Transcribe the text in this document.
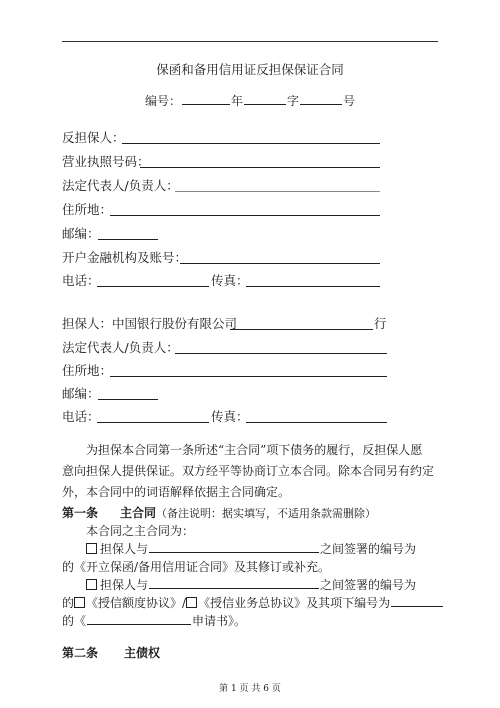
保函和备用信用证反担保保证合同
编号：	年	字	号
反担保人：
营业执照号码：
法定代表人/负责人：
住所地：
邮编：
开户金融机构及账号：
电话：	传真：
担保人：中国银行股份有限公司	行
法定代表人/负责人：
住所地：
邮编：
电话：	传真：
为担保本合同第一条所述“主合同”项下债务的履行，反担保人愿
意向担保人提供保证。双方经平等协商订立本合同。除本合同另有约定
外，本合同中的词语解释依据主合同确定。
第一条 主合同（备注说明：据实填写，不适用条款需删除）
本合同之主合同为：
担保人与	之间签署的编号为
的《开立保函/备用信用证合同》及其修订或补充。
担保人与	之间签署的编号为
的 《授信额度协议》/ 《授信业务总协议》及其项下编号为
的《	申请书》。
第二条 主债权
第 1 页 共 6 页
